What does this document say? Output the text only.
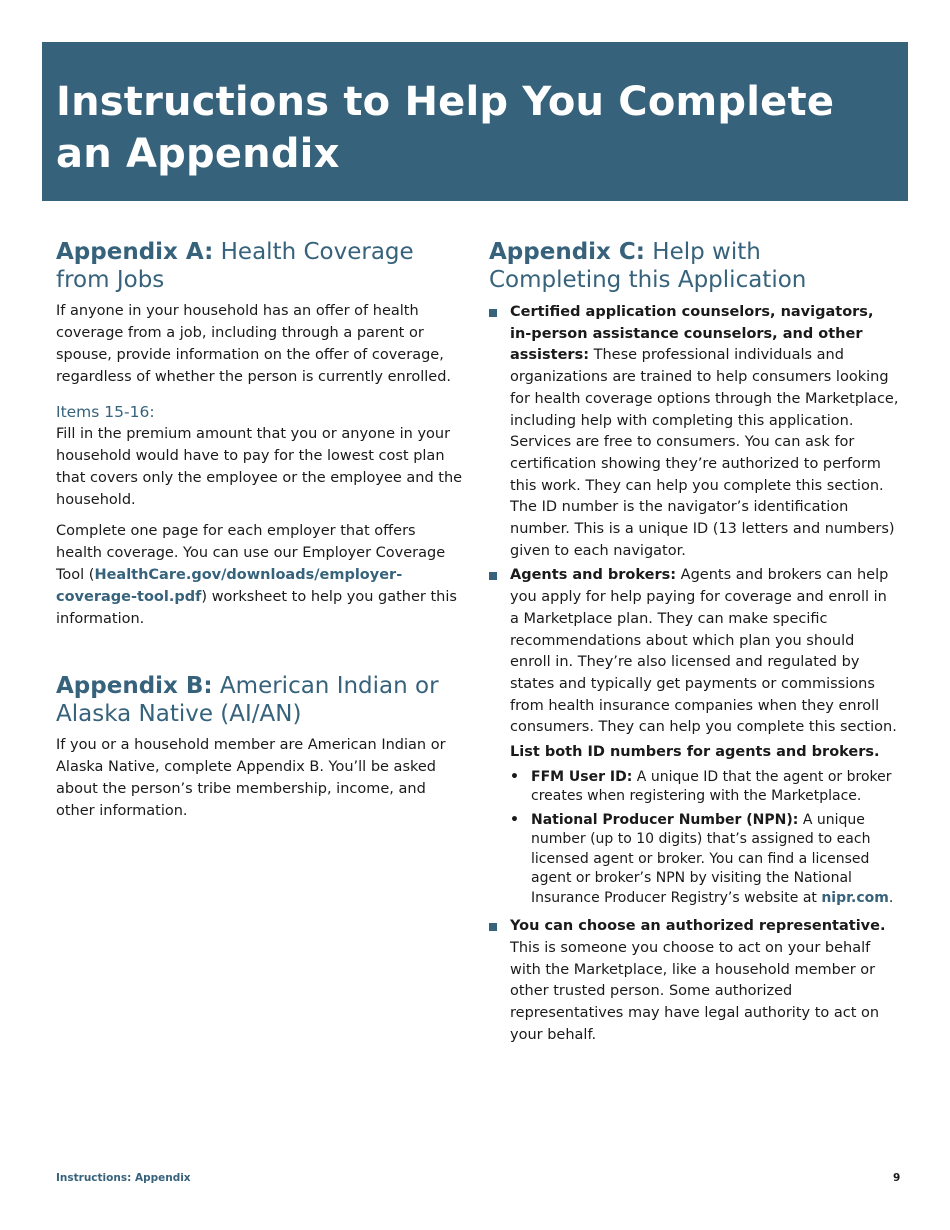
Instructions to Help You Complete
an Appendix
Appendix A: Health Coverage from Jobs

If anyone in your household has an offer of health coverage from a job, including through a parent or spouse, provide information on the offer of coverage, regardless of whether the person is currently enrolled.

Items 15-16:

Fill in the premium amount that you or anyone in your household would have to pay for the lowest cost plan that covers only the employee or the employee and the household.

Complete one page for each employer that offers health coverage. You can use our Employer Coverage Tool (HealthCare.gov/downloads/employer-coverage-tool.pdf) worksheet to help you gather this information.

Appendix B: American Indian or Alaska Native (AI/AN)

If you or a household member are American Indian or Alaska Native, complete Appendix B. You’ll be asked about the person’s tribe membership, income, and other information.

Appendix C: Help with Completing this Application
Certified application counselors, navigators, in-person assistance counselors, and other assisters: These professional individuals and organizations are trained to help consumers looking for health coverage options through the Marketplace, including help with completing this application. Services are free to consumers. You can ask for certification showing they’re authorized to perform this work. They can help you complete this section. The ID number is the navigator’s identification number. This is a unique ID (13 letters and numbers) given to each navigator.
Agents and brokers: Agents and brokers can help you apply for help paying for coverage and enroll in a Marketplace plan. They can make specific recommendations about which plan you should enroll in. They’re also licensed and regulated by states and typically get payments or commissions from health insurance companies when they enroll consumers. They can help you complete this section.
List both ID numbers for agents and brokers.
• FFM User ID: A unique ID that the agent or broker creates when registering with the Marketplace.
• National Producer Number (NPN): A unique number (up to 10 digits) that’s assigned to each licensed agent or broker. You can find a licensed agent or broker’s NPN by visiting the National Insurance Producer Registry’s website at nipr.com.
You can choose an authorized representative. This is someone you choose to act on your behalf with the Marketplace, like a household member or other trusted person. Some authorized representatives may have legal authority to act on your behalf.
Instructions: Appendix	9
